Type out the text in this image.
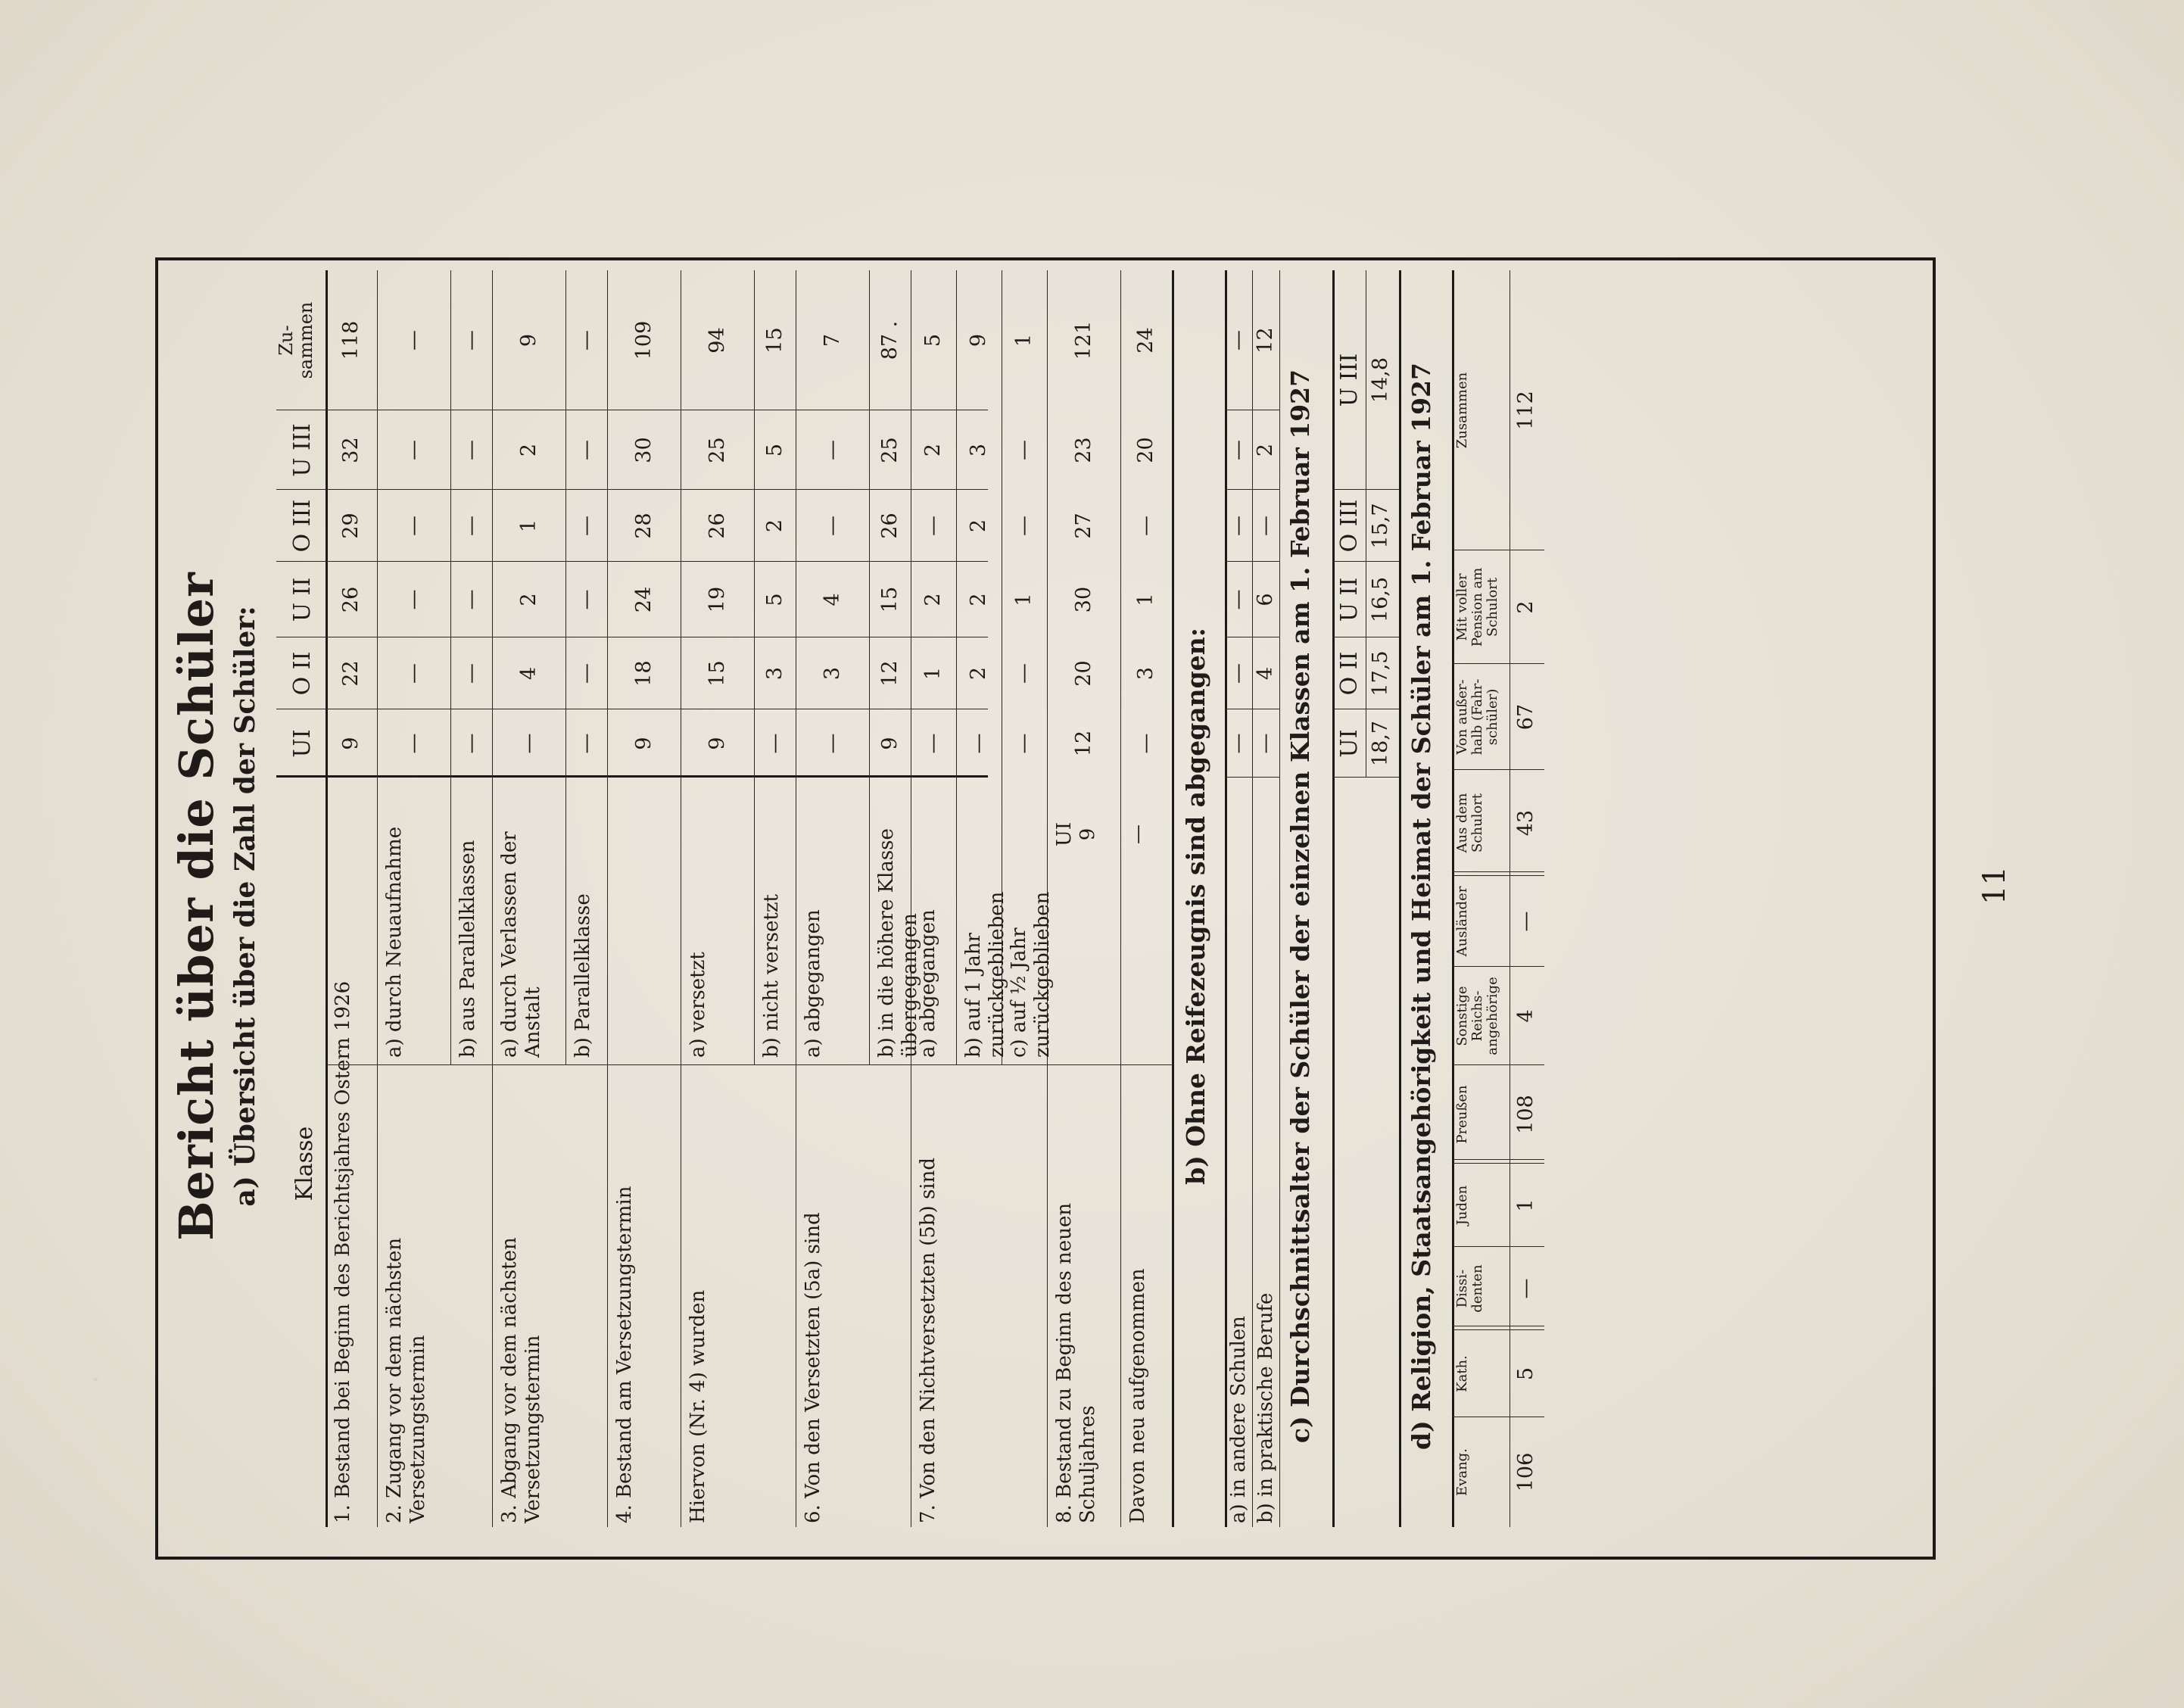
·
Bericht über die Schüler a) Übersicht über die Zahl der Schüler: Klasse
UI
O II
U II
O III
U III
Zu-
sammen
1. Bestand bei Beginn des Berichtsjahres Ostern 1926
9
22
26
29
32
118
2. Zugang vor dem nächsten Versetzungstermin
a) durch Neuaufnahme
—
—
—
—
—
—
b) aus Parallelklassen
—
—
—
—
—
—
3. Abgang vor dem nächsten Versetzungstermin
a) durch Verlassen der Anstalt
—
4
2
1
2
9
b) Parallelklasse
—
—
—
—
—
—
4. Bestand am Versetzungstermin
9
18
24
28
30
109
Hiervon (Nr. 4) wurden
a) versetzt
9
15
19
26
25
94
b) nicht versetzt
—
3
5
2
5
15
6. Von den Versetzten (5a) sind
a) abgegangen
—
3
4
—
—
7
b) in die höhere Klasse übergegangen
9
12
15
26
25
87 .
7. Von den Nichtversetzten (5b) sind
a) abgegangen
—
1
2
—
2
5
b) auf 1 Jahr zurückgeblieben
—
2
2
2
3
9
c) auf ½ Jahr zurückgeblieben
—
—
1
—
—
1
8. Bestand zu Beginn des neuen Schuljahres
UI
9
12
20
30
27
23
121
Davon neu aufgenommen
—
—
3
1
—
20
24
b) Ohne Reifezeugnis sind abgegangen:
a) in andere Schulen
—
—
—
—
—
—
b) in praktische Berufe
—
4
6
—
2
12
c) Durchschnittsalter der Schüler der einzelnen Klassen am 1. Februar 1927 UI 18,7
O II 17,5
U II 16,5
O III 15,7
U III 14,8 d) Religion, Staatsangehörigkeit und Heimat der Schüler am 1. Februar 1927
Evang. 106
Kath. 5
Dissi-
denten —
Juden 1
Preußen 108
Sonstige
Reichs-
angehörige 4
Ausländer —
Aus dem
Schulort 43
Von außer-
halb (Fahr-
schüler) 67
Mit voller
Pension am
Schulort 2
Zusammen 112
11
